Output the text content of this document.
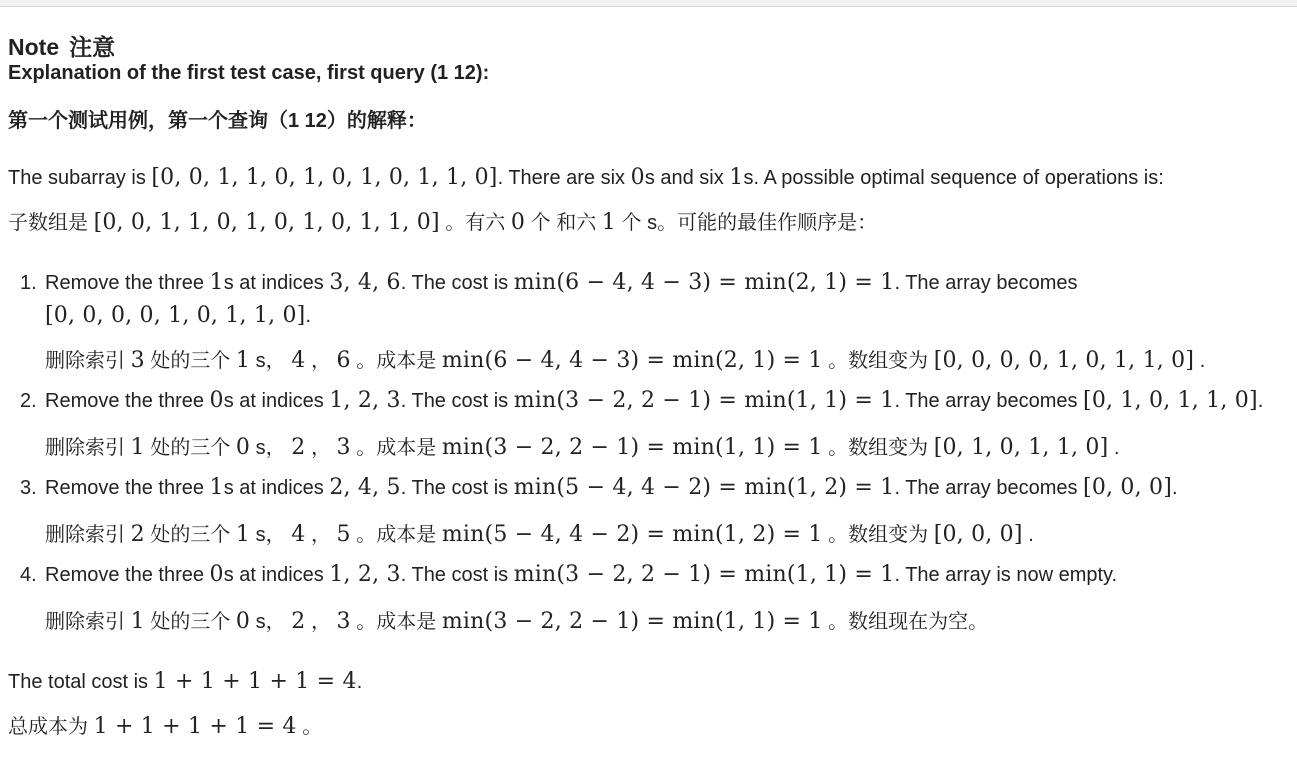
Note 注意
Explanation of the first test case, first query (1 12):
第一个测试用例，第一个查询（1 12）的解释：
The subarray is [0, 0, 1, 1, 0, 1, 0, 1, 0, 1, 1, 0]. There are six 0s and six 1s. A possible optimal sequence of operations is:
子数组是 [0, 0, 1, 1, 0, 1, 0, 1, 0, 1, 1, 0] 。有六 0 个 和六 1 个 s。可能的最佳作顺序是：
1. Remove the three 1s at indices 3, 4, 6. The cost is min(6 − 4, 4 − 3) = min(2, 1) = 1. The array becomes
[0, 0, 0, 0, 1, 0, 1, 1, 0].
删除索引 3 处的三个 1 s， 4 ， 6 。成本是 min(6 − 4, 4 − 3) = min(2, 1) = 1 。数组变为 [0, 0, 0, 0, 1, 0, 1, 1, 0] .
2. Remove the three 0s at indices 1, 2, 3. The cost is min(3 − 2, 2 − 1) = min(1, 1) = 1. The array becomes [0, 1, 0, 1, 1, 0].
删除索引 1 处的三个 0 s， 2 ， 3 。成本是 min(3 − 2, 2 − 1) = min(1, 1) = 1 。数组变为 [0, 1, 0, 1, 1, 0] .
3. Remove the three 1s at indices 2, 4, 5. The cost is min(5 − 4, 4 − 2) = min(1, 2) = 1. The array becomes [0, 0, 0].
删除索引 2 处的三个 1 s， 4 ， 5 。成本是 min(5 − 4, 4 − 2) = min(1, 2) = 1 。数组变为 [0, 0, 0] .
4. Remove the three 0s at indices 1, 2, 3. The cost is min(3 − 2, 2 − 1) = min(1, 1) = 1. The array is now empty.
删除索引 1 处的三个 0 s， 2 ， 3 。成本是 min(3 − 2, 2 − 1) = min(1, 1) = 1 。数组现在为空。
The total cost is 1 + 1 + 1 + 1 = 4.
总成本为 1 + 1 + 1 + 1 = 4 。
